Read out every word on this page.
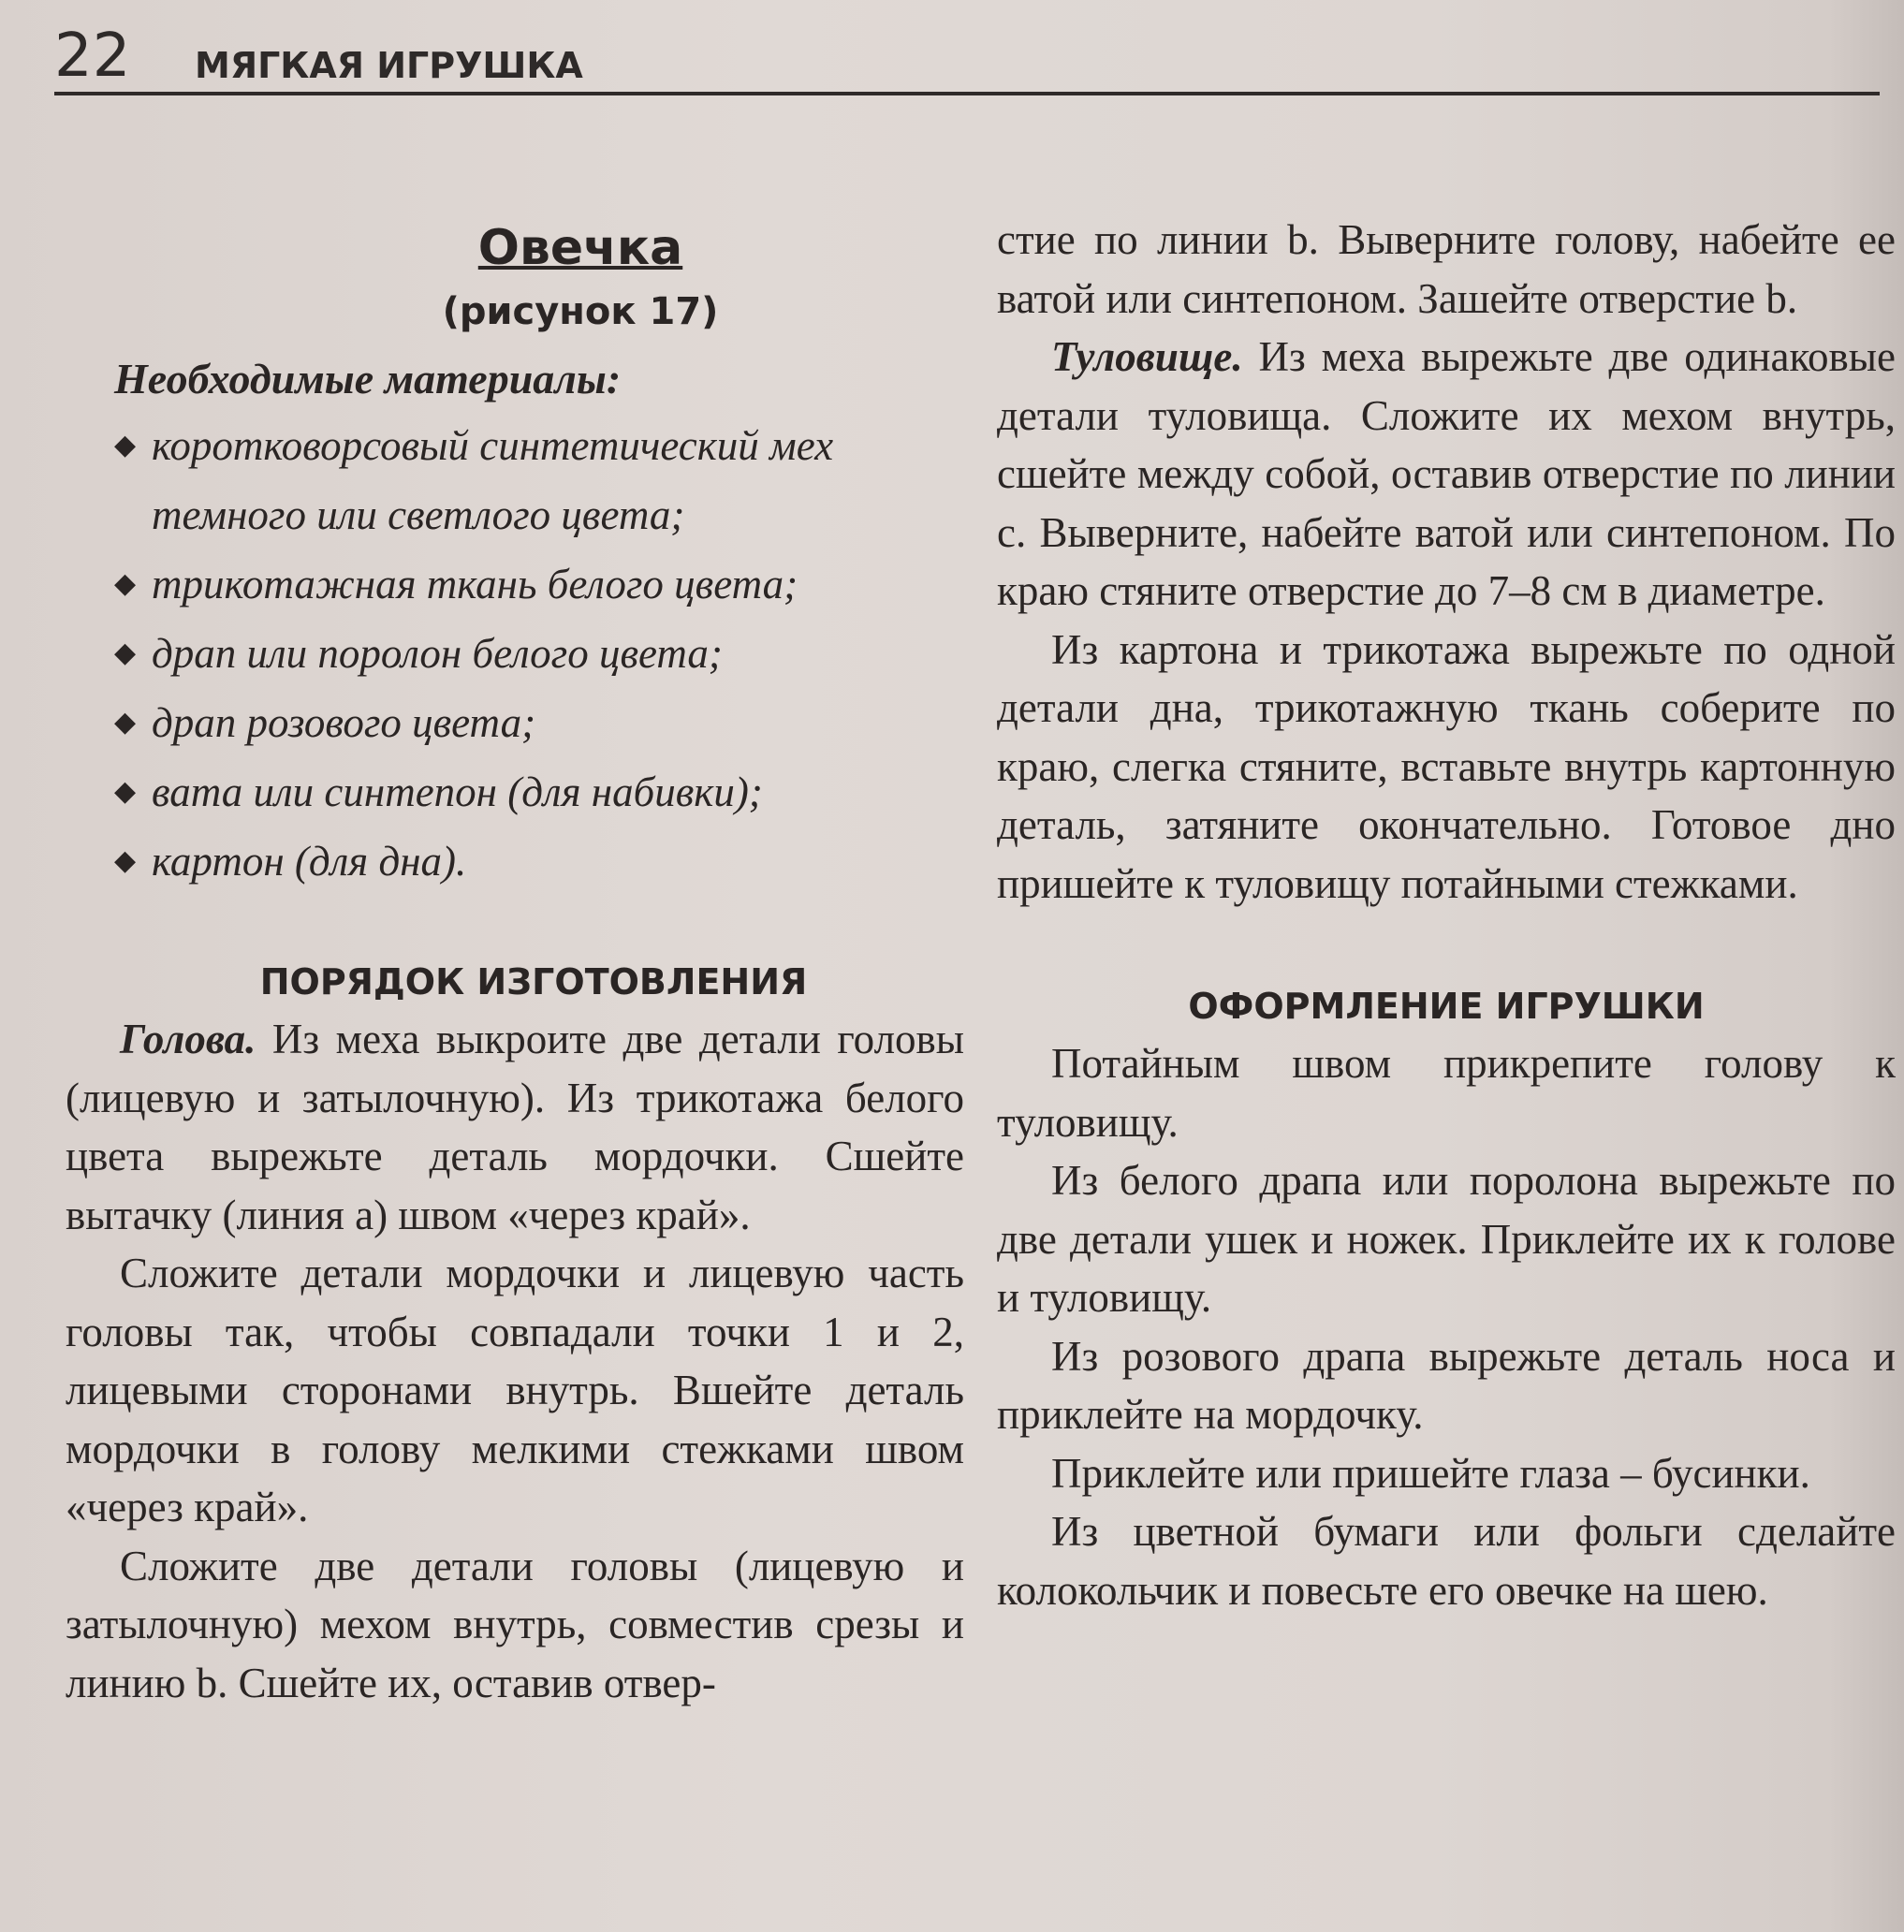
22 МЯГКАЯ ИГРУШКА
Овечка
(рисунок 17)
Необходимые материалы:
◆ коротковорсовый синтетический мех темного или светлого цвета;
◆ трикотажная ткань белого цвета;
◆ драп или поролон белого цвета;
◆ драп розового цвета;
◆ вата или синтепон (для набивки);
◆ картон (для дна).
ПОРЯДОК ИЗГОТОВЛЕНИЯ

Голова. Из меха выкроите две детали головы (лицевую и затылочную). Из трикотажа белого цвета вырежьте деталь мордочки. Сшейте вытачку (линия a) швом «через край».

Сложите детали мордочки и лицевую часть головы так, чтобы совпадали точки 1 и 2, лицевыми сторонами внутрь. Вшейте деталь мордочки в голову мелкими стежками швом «через край».

Сложите две детали головы (лицевую и затылочную) мехом внутрь, совместив срезы и линию b. Сшейте их, оставив отвер-

стие по линии b. Выверните голову, набейте ее ватой или синтепоном. Зашейте отверстие b.

Туловище. Из меха вырежьте две одинаковые детали туловища. Сложите их мехом внутрь, сшейте между собой, оставив отверстие по линии c. Выверните, набейте ватой или синтепоном. По краю стяните отверстие до 7–8 см в диаметре.

Из картона и трикотажа вырежьте по одной детали дна, трикотажную ткань соберите по краю, слегка стяните, вставьте внутрь картонную деталь, затяните окончательно. Готовое дно пришейте к туловищу потайными стежками.

ОФОРМЛЕНИЕ ИГРУШКИ

Потайным швом прикрепите голову к туловищу.

Из белого драпа или поролона вырежьте по две детали ушек и ножек. Приклейте их к голове и туловищу.

Из розового драпа вырежьте деталь носа и приклейте на мордочку.

Приклейте или пришейте глаза – бусинки.

Из цветной бумаги или фольги сделайте колокольчик и повесьте его овечке на шею.
